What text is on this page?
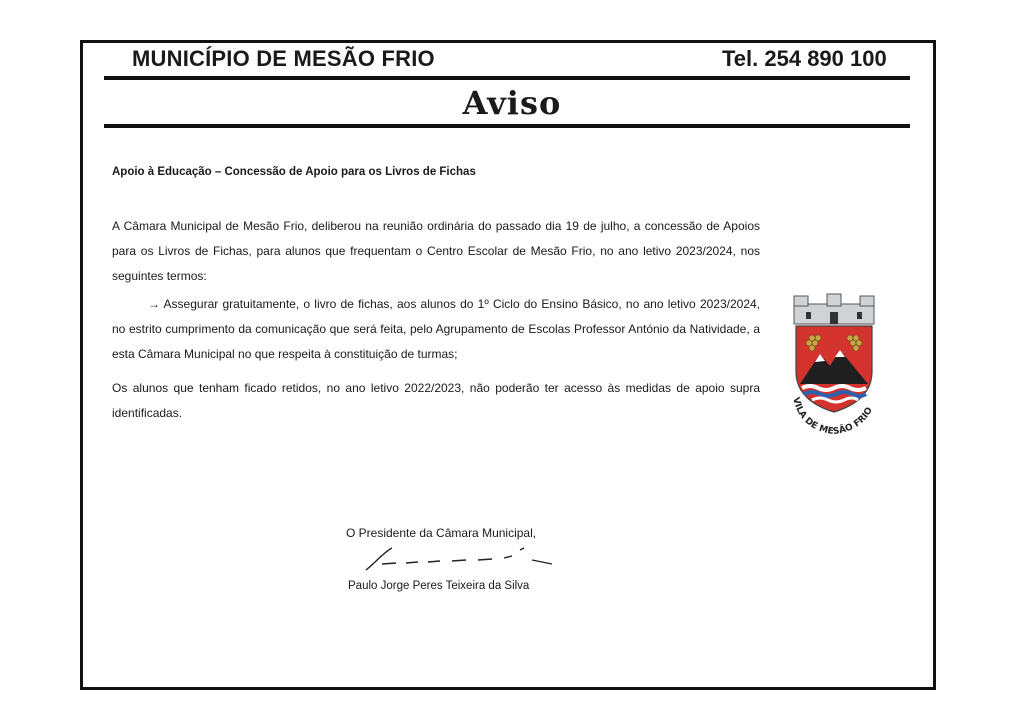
MUNICÍPIO DE MESÃO FRIO	Tel. 254 890 100
Aviso
Apoio à Educação – Concessão de Apoio para os Livros de Fichas
A Câmara Municipal de Mesão Frio, deliberou na reunião ordinária do passado dia 19 de julho, a concessão de Apoios para os Livros de Fichas, para alunos que frequentam o Centro Escolar de Mesão Frio, no ano letivo 2023/2024, nos seguintes termos:
→ Assegurar gratuitamente, o livro de fichas, aos alunos do 1º Ciclo do Ensino Básico, no ano letivo 2023/2024, no estrito cumprimento da comunicação que será feita, pelo Agrupamento de Escolas Professor António da Natividade, a esta Câmara Municipal no que respeita à constituição de turmas;
Os alunos que tenham ficado retidos, no ano letivo 2022/2023, não poderão ter acesso às medidas de apoio supra identificadas.
VILA DE MESÃO FRIO
O Presidente da Câmara Municipal,
Paulo Jorge Peres Teixeira da Silva
